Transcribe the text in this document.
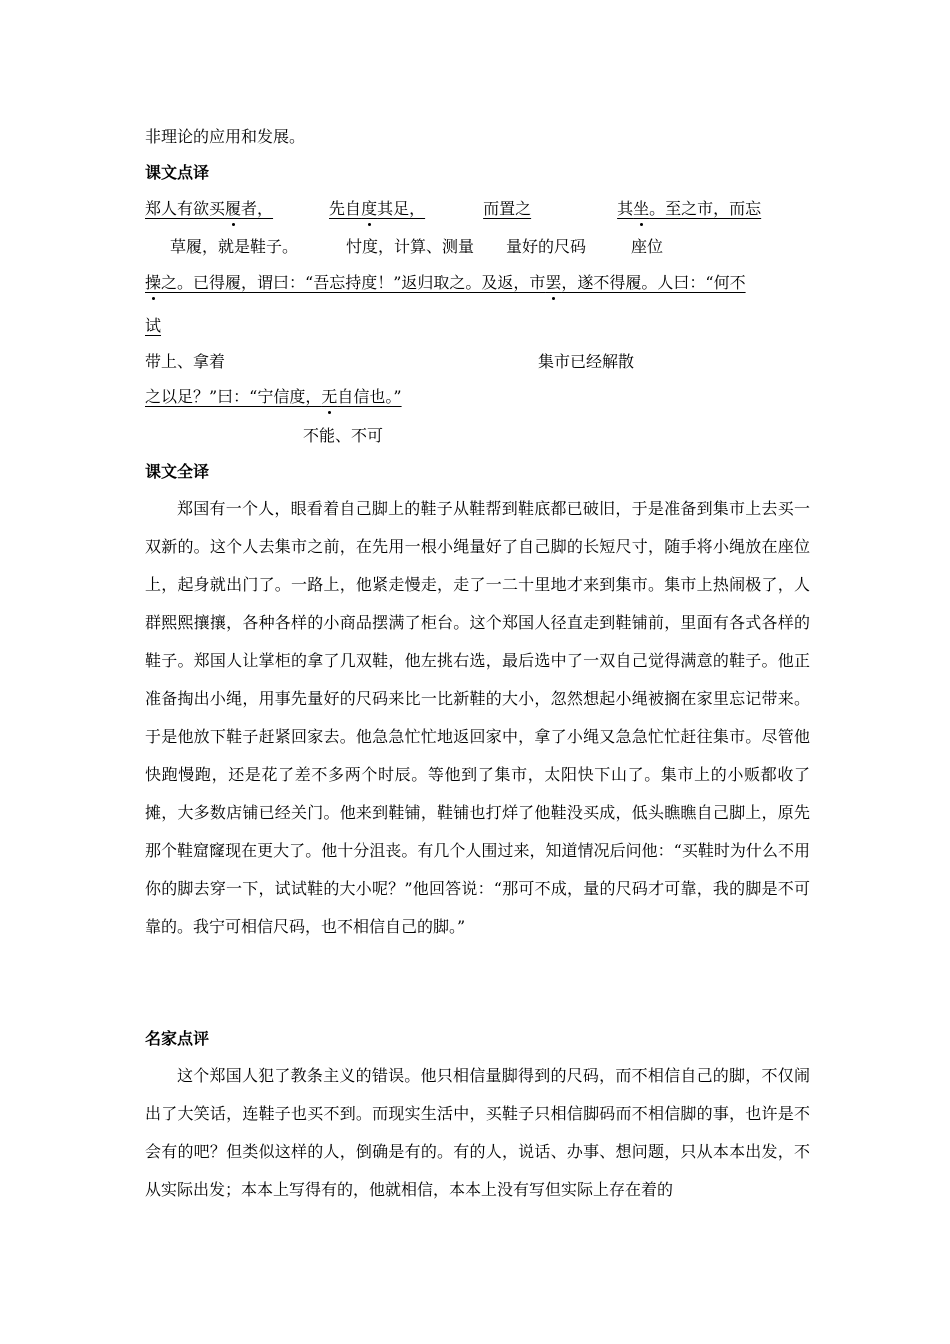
非理论的应用和发展。

课文点译

郑人有欲买履者，	先自度其足，	而置之	其坐。至之市，而忘
草履，就是鞋子。	忖度，计算、测量 量好的尺码	座位
操之。已得履，谓曰：“吾忘持度！”返归取之。及返，市罢，遂不得履。人曰：“何不
试
带上、拿着	集市已经解散
之以足？”曰：“宁信度，无自信也。”
不能、不可

课文全译

郑国有一个人，眼看着自己脚上的鞋子从鞋帮到鞋底都已破旧，于是准备到集市上去买一双新的。这个人去集市之前，在先用一根小绳量好了自己脚的长短尺寸，随手将小绳放在座位上，起身就出门了。一路上，他紧走慢走，走了一二十里地才来到集市。集市上热闹极了，人群熙熙攘攘，各种各样的小商品摆满了柜台。这个郑国人径直走到鞋铺前，里面有各式各样的鞋子。郑国人让掌柜的拿了几双鞋，他左挑右选，最后选中了一双自己觉得满意的鞋子。他正准备掏出小绳，用事先量好的尺码来比一比新鞋的大小，忽然想起小绳被搁在家里忘记带来。于是他放下鞋子赶紧回家去。他急急忙忙地返回家中，拿了小绳又急急忙忙赶往集市。尽管他快跑慢跑，还是花了差不多两个时辰。等他到了集市，太阳快下山了。集市上的小贩都收了摊，大多数店铺已经关门。他来到鞋铺，鞋铺也打烊了他鞋没买成，低头瞧瞧自己脚上，原先那个鞋窟窿现在更大了。他十分沮丧。有几个人围过来，知道情况后问他：“买鞋时为什么不用你的脚去穿一下，试试鞋的大小呢？”他回答说：“那可不成，量的尺码才可靠，我的脚是不可靠的。我宁可相信尺码，也不相信自己的脚。”

名家点评

这个郑国人犯了教条主义的错误。他只相信量脚得到的尺码，而不相信自己的脚，不仅闹出了大笑话，连鞋子也买不到。而现实生活中，买鞋子只相信脚码而不相信脚的事，也许是不会有的吧？但类似这样的人，倒确是有的。有的人，说话、办事、想问题，只从本本出发，不从实际出发；本本上写得有的，他就相信，本本上没有写但实际上存在着的
